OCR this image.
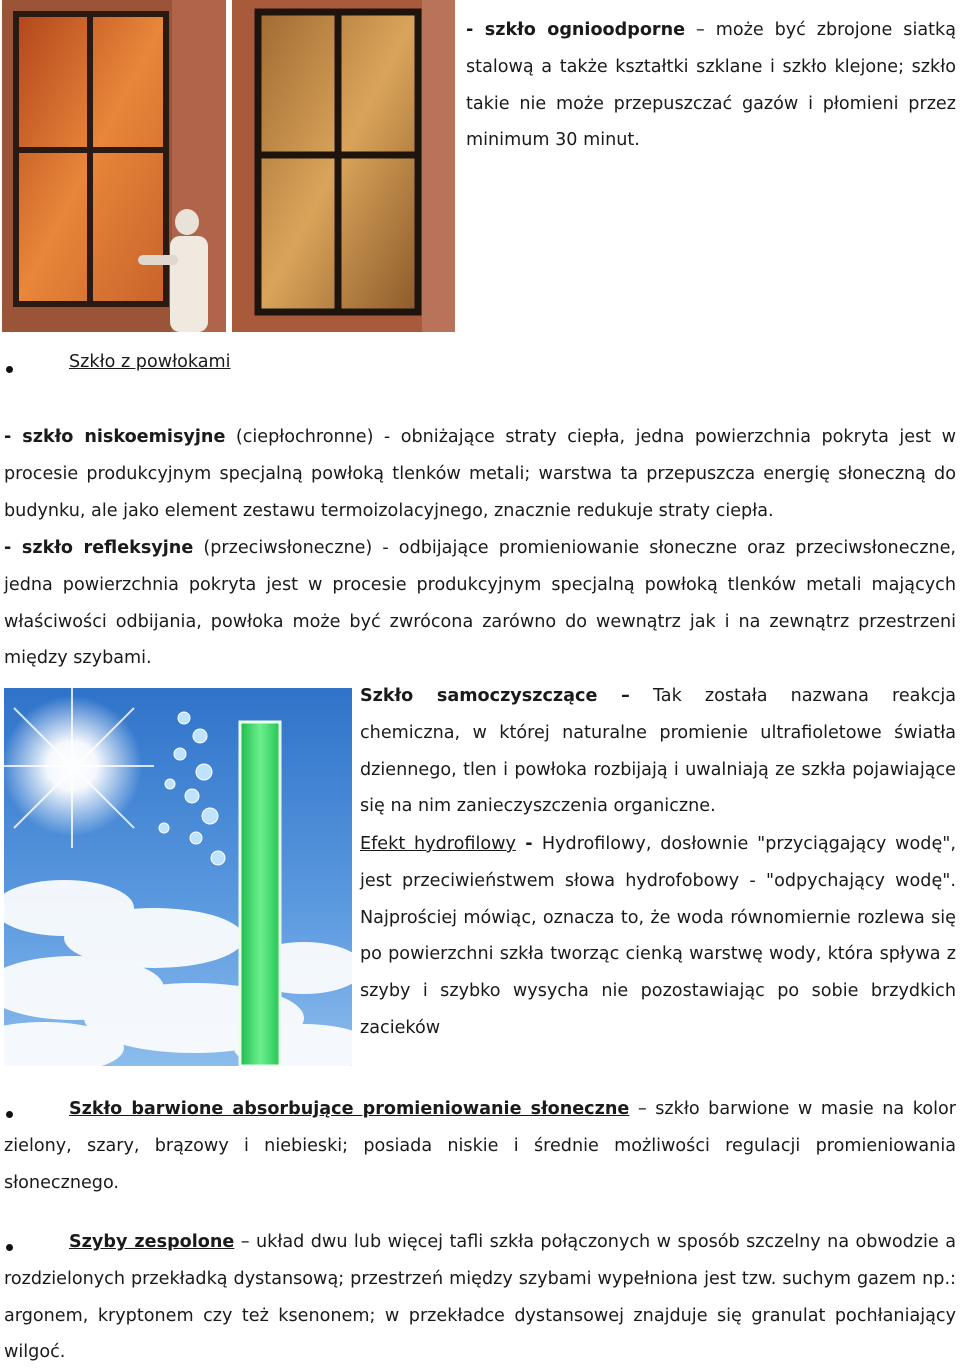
- szkło ognioodporne – może być zbrojone siatką stalową a także kształtki szklane i szkło klejone; szkło takie nie może przepuszczać gazów i płomieni przez minimum 30 minut.
Szkło z powłokami
- szkło niskoemisyjne (ciepłochronne) - obniżające straty ciepła, jedna powierzchnia pokryta jest w procesie produkcyjnym specjalną powłoką tlenków metali; warstwa ta przepuszcza energię słoneczną do budynku, ale jako element zestawu termoizolacyjnego, znacznie redukuje straty ciepła.
- szkło refleksyjne (przeciwsłoneczne) - odbijające promieniowanie słoneczne oraz przeciwsłoneczne, jedna powierzchnia pokryta jest w procesie produkcyjnym specjalną powłoką tlenków metali mających właściwości odbijania, powłoka może być zwrócona zarówno do wewnątrz jak i na zewnątrz przestrzeni między szybami.
Szkło samoczyszczące – Tak została nazwana reakcja chemiczna, w której naturalne promienie ultrafioletowe światła dziennego, tlen i powłoka rozbijają i uwalniają ze szkła pojawiające się na nim zanieczyszczenia organiczne.
Efekt hydrofilowy - Hydrofilowy, dosłownie "przyciągający wodę", jest przeciwieństwem słowa hydrofobowy - "odpychający wodę". Najprościej mówiąc, oznacza to, że woda równomiernie rozlewa się po powierzchni szkła tworząc cienką warstwę wody, która spływa z szyby i szybko wysycha nie pozostawiając po sobie brzydkich zacieków
Szkło barwione absorbujące promieniowanie słoneczne – szkło barwione w masie na kolor zielony, szary, brązowy i niebieski; posiada niskie i średnie możliwości regulacji promieniowania słonecznego.
Szyby zespolone – układ dwu lub więcej tafli szkła połączonych w sposób szczelny na obwodzie a rozdzielonych przekładką dystansową; przestrzeń między szybami wypełniona jest tzw. suchym gazem np.: argonem, kryptonem czy też ksenonem; w przekładce dystansowej znajduje się granulat pochłaniający wilgoć.
